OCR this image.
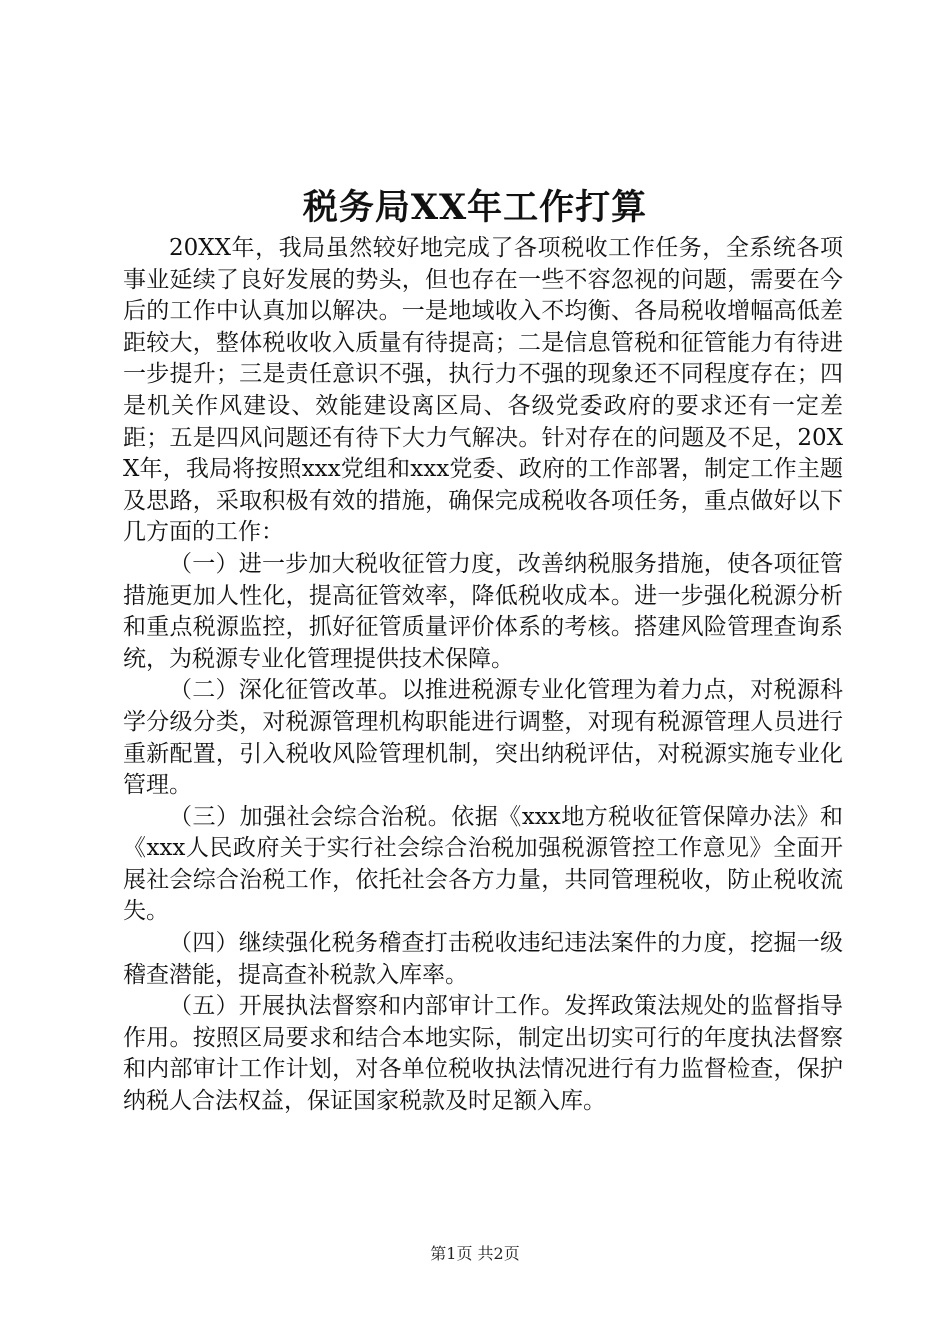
税务局XX年工作打算

20XX年，我局虽然较好地完成了各项税收工作任务，全系统各项事业延续了良好发展的势头，但也存在一些不容忽视的问题，需要在今后的工作中认真加以解决。一是地域收入不均衡、各局税收增幅高低差距较大，整体税收收入质量有待提高；二是信息管税和征管能力有待进一步提升；三是责任意识不强，执行力不强的现象还不同程度存在；四是机关作风建设、效能建设离区局、各级党委政府的要求还有一定差距；五是四风问题还有待下大力气解决。针对存在的问题及不足，20XX年，我局将按照xxx党组和xxx党委、政府的工作部署，制定工作主题及思路，采取积极有效的措施，确保完成税收各项任务，重点做好以下几方面的工作：

（一）进一步加大税收征管力度，改善纳税服务措施，使各项征管措施更加人性化，提高征管效率，降低税收成本。进一步强化税源分析和重点税源监控，抓好征管质量评价体系的考核。搭建风险管理查询系统，为税源专业化管理提供技术保障。

（二）深化征管改革。以推进税源专业化管理为着力点，对税源科学分级分类，对税源管理机构职能进行调整，对现有税源管理人员进行重新配置，引入税收风险管理机制，突出纳税评估，对税源实施专业化管理。

（三）加强社会综合治税。依据《xxx地方税收征管保障办法》和《xxx人民政府关于实行社会综合治税加强税源管控工作意见》全面开展社会综合治税工作，依托社会各方力量，共同管理税收，防止税收流失。

（四）继续强化税务稽查打击税收违纪违法案件的力度，挖掘一级稽查潜能，提高查补税款入库率。

（五）开展执法督察和内部审计工作。发挥政策法规处的监督指导作用。按照区局要求和结合本地实际，制定出切实可行的年度执法督察和内部审计工作计划，对各单位税收执法情况进行有力监督检查，保护纳税人合法权益，保证国家税款及时足额入库。

第1页 共2页
